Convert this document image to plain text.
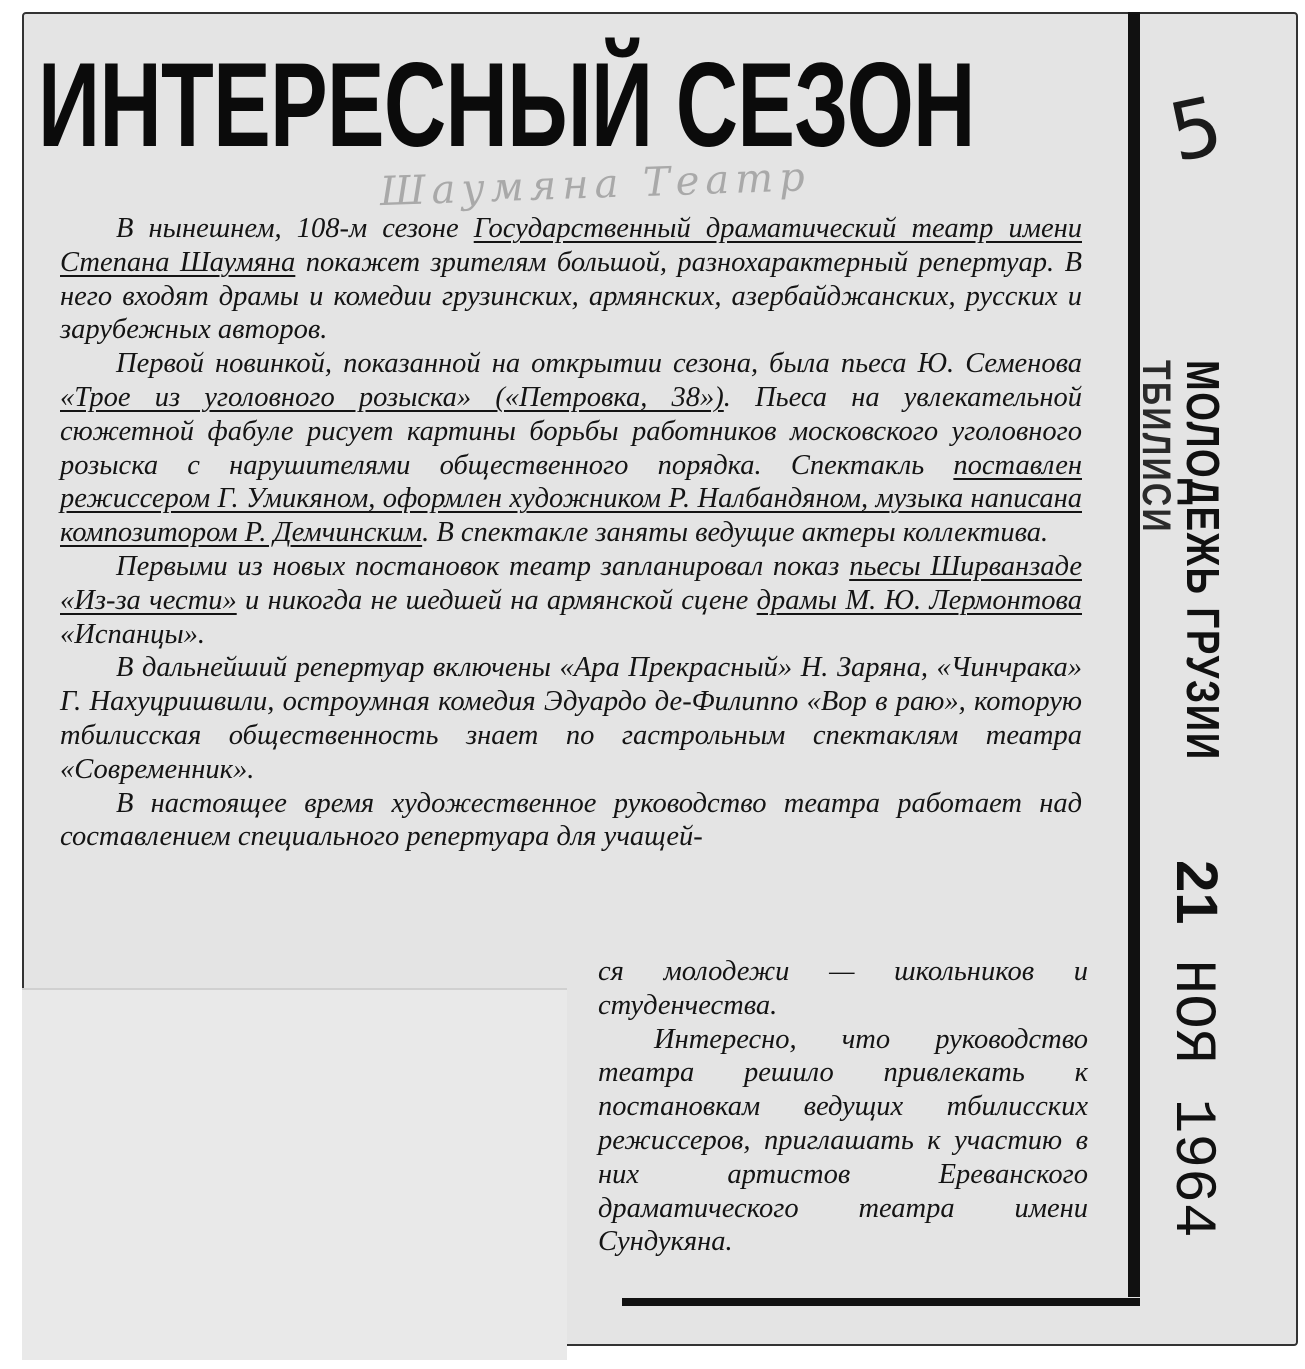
ИНТЕРЕСНЫЙ СЕЗОН
Шаумяна Театр
5

В нынешнем, 108-м сезоне Государственный драматический театр имени Степана Шаумяна покажет зрителям большой, разнохарактерный репертуар. В него входят драмы и комедии грузинских, армянских, азербайджанских, русских и зарубежных авторов.

Первой новинкой, показанной на открытии сезона, была пьеса Ю. Семенова «Трое из уголовного розыска» («Петровка, 38»). Пьеса на увлекательной сюжетной фабуле рисует картины борьбы работников московского уголовного розыска с нарушителями общественного порядка. Спектакль поставлен режиссером Г. Умикяном, оформлен художником Р. Налбандяном, музыка написана композитором Р. Демчинским. В спектакле заняты ведущие актеры коллектива.

Первыми из новых постановок театр запланировал показ пьесы Ширванзаде «Из-за чести» и никогда не шедшей на армянской сцене драмы М. Ю. Лермонтова «Испанцы».

В дальнейший репертуар включены «Ара Прекрасный» Н. Заряна, «Чинчрака» Г. Нахуцришвили, остроумная комедия Эдуардо де-Филиппо «Вор в раю», которую тбилисская общественность знает по гастрольным спектаклям театра «Современник».

В настоящее время художественное руководство театра работает над составлением специального репертуара для учащей-

ся молодежи — школьников и студенчества.

Интересно, что руководство театра решило привлекать к постановкам ведущих тбилисских режиссеров, приглашать к участию в них артистов Ереванского драматического театра имени Сундукяна.

МОЛОДЕЖЬ ГРУЗИИ
21 НОЯ 1964
ТБИЛИСИ
